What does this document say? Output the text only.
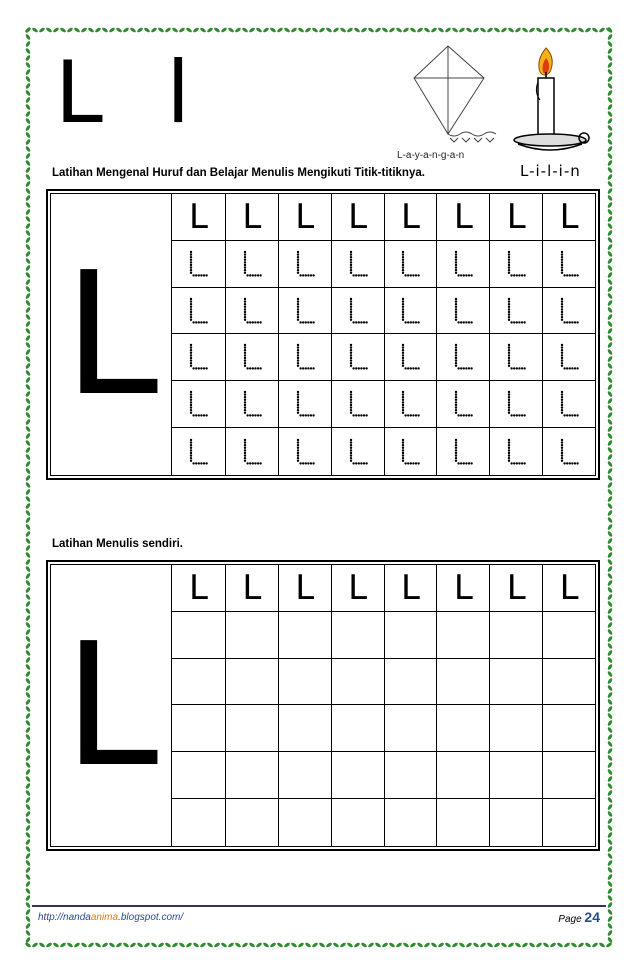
L l
L-a-y-a-n-g-a-n
L-i-l-i-n
Latihan Mengenal Huruf dan Belajar Menulis Mengikuti Titik-titiknya.
L
L	L L L L L L L
Latihan Menulis sendiri.
L
L	L L L L L L L
http://nandaanima.blogspot.com/	Page 24
